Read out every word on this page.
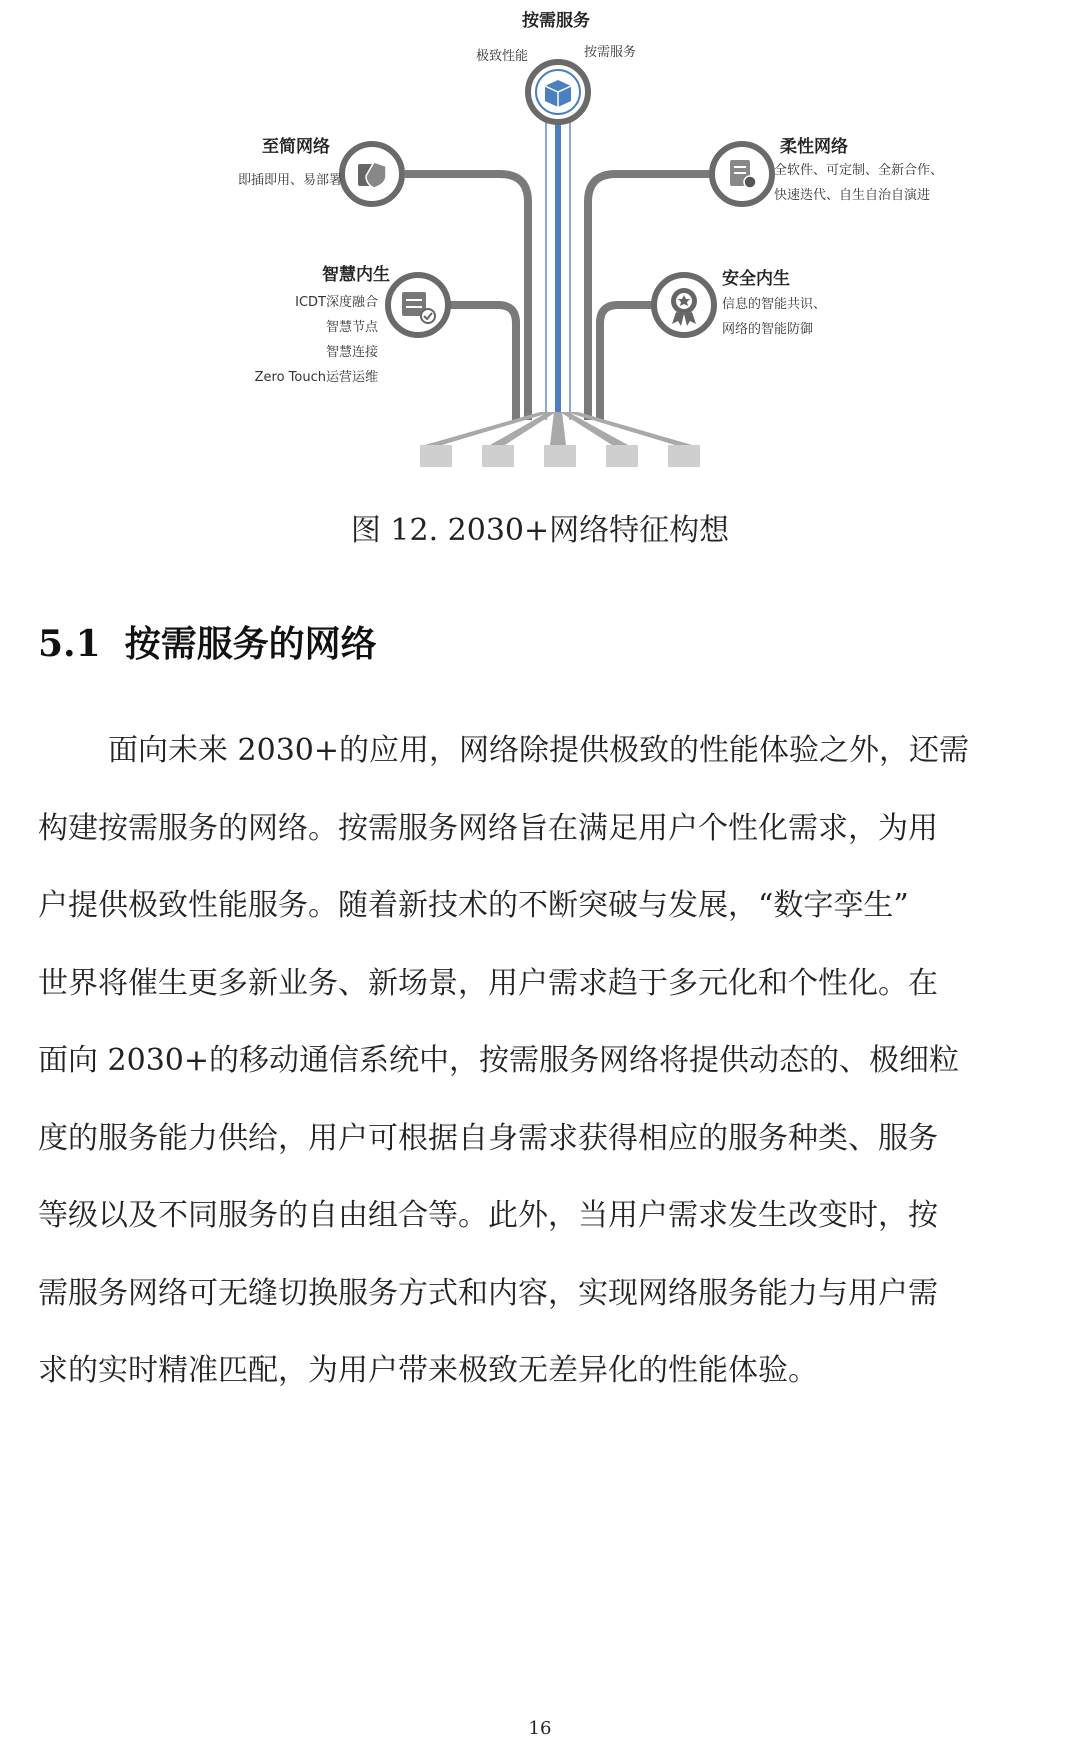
按需服务
极致性能	按需服务
至简网络
即插即用、易部署
柔性网络
全软件、可定制、全新合作、
快速迭代、自生自治自演进
智慧内生
ICDT深度融合
智慧节点
智慧连接
Zero Touch运营运维
安全内生
信息的智能共识、
网络的智能防御
图 12. 2030+网络特征构想
5.1 按需服务的网络
面向未来 2030+的应用，网络除提供极致的性能体验之外，还需
构建按需服务的网络。按需服务网络旨在满足用户个性化需求，为用
户提供极致性能服务。随着新技术的不断突破与发展，“数字孪生”
世界将催生更多新业务、新场景，用户需求趋于多元化和个性化。在
面向 2030+的移动通信系统中，按需服务网络将提供动态的、极细粒
度的服务能力供给，用户可根据自身需求获得相应的服务种类、服务
等级以及不同服务的自由组合等。此外，当用户需求发生改变时，按
需服务网络可无缝切换服务方式和内容，实现网络服务能力与用户需
求的实时精准匹配，为用户带来极致无差异化的性能体验。
16
